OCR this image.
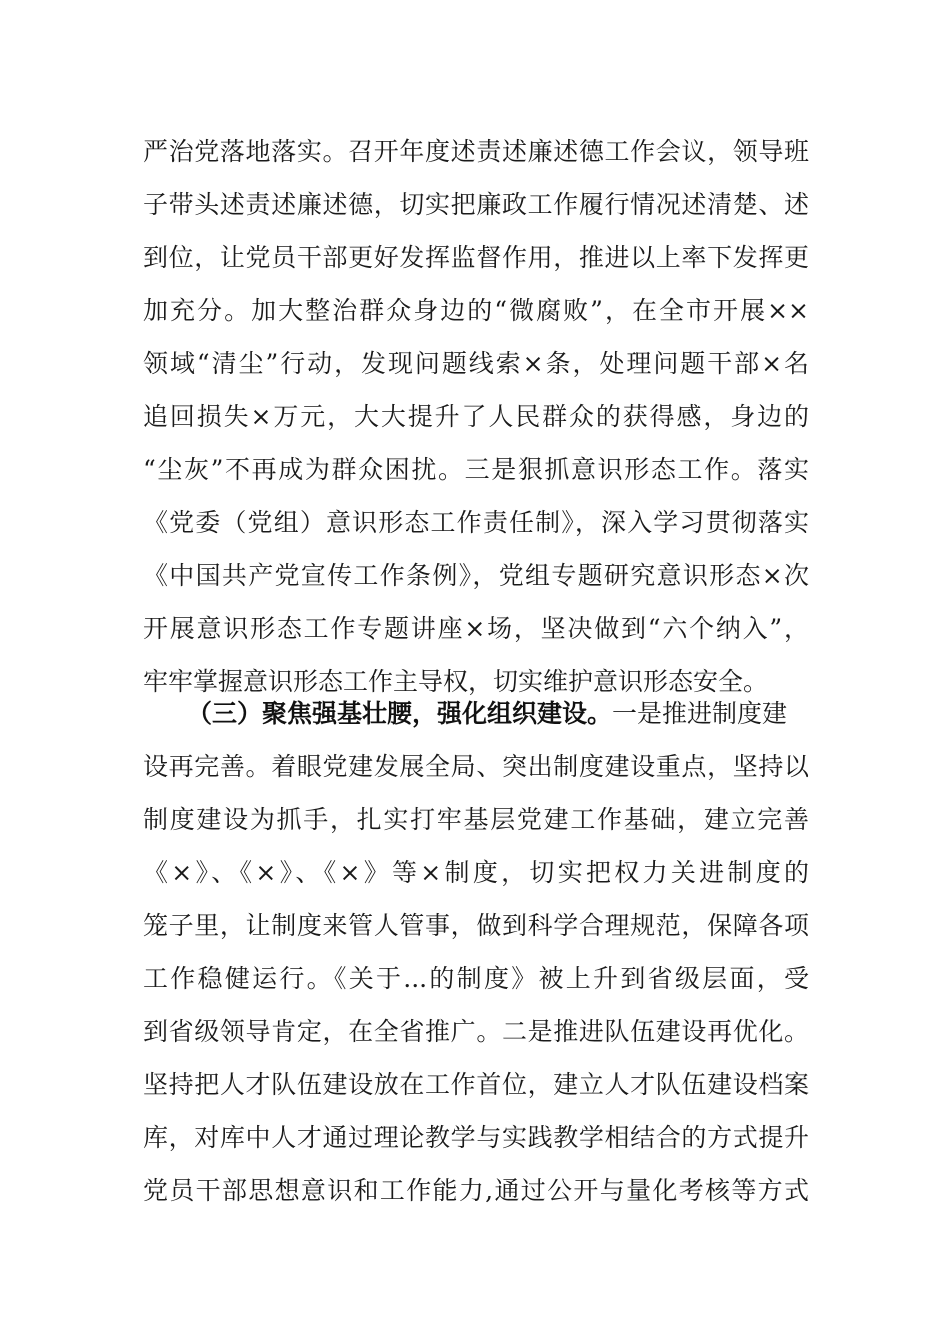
严治党落地落实。召开年度述责述廉述德工作会议，领导班
子带头述责述廉述德，切实把廉政工作履行情况述清楚、述
到位，让党员干部更好发挥监督作用，推进以上率下发挥更
加充分。加大整治群众身边的“微腐败”，在全市开展××
领域“清尘”行动，发现问题线索×条，处理问题干部×名
追回损失×万元，大大提升了人民群众的获得感，身边的
“尘灰”不再成为群众困扰。三是狠抓意识形态工作。落实
《党委（党组）意识形态工作责任制》，深入学习贯彻落实
《中国共产党宣传工作条例》，党组专题研究意识形态×次
开展意识形态工作专题讲座×场，坚决做到“六个纳入”，
牢牢掌握意识形态工作主导权，切实维护意识形态安全。
（三）聚焦强基壮腰，强化组织建设。一是推进制度建
设再完善。着眼党建发展全局、突出制度建设重点，坚持以
制度建设为抓手，扎实打牢基层党建工作基础，建立完善
《×》、《×》、《×》等×制度，切实把权力关进制度的
笼子里，让制度来管人管事，做到科学合理规范，保障各项
工作稳健运行。《关于...的制度》被上升到省级层面，受
到省级领导肯定，在全省推广。二是推进队伍建设再优化。
坚持把人才队伍建设放在工作首位，建立人才队伍建设档案
库，对库中人才通过理论教学与实践教学相结合的方式提升
党员干部思想意识和工作能力,通过公开与量化考核等方式
